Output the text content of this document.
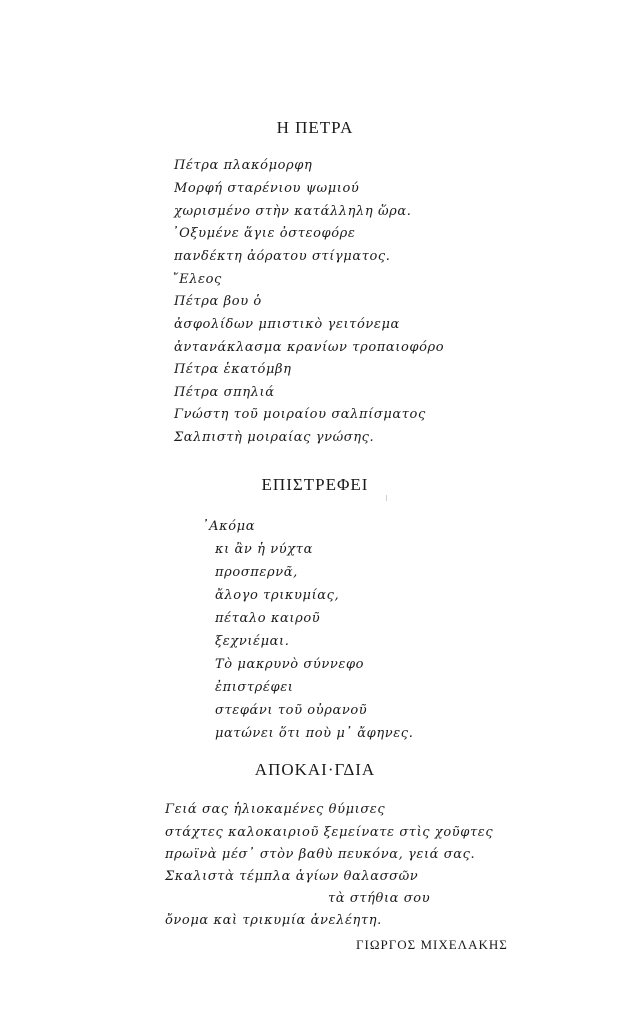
Η ΠΕΤΡΑ
Πέτρα πλακόμορφη
Μορφή σταρένιου ψωμιού
χωρισμένο στὴν κατάλληλη ὥρα.
᾿Οξυμένε ἅγιε ὀστεοφόρε
πανδέκτη ἀόρατου στίγματος.
῎Ελεος
Πέτρα βου ὁ
ἀσφολίδων μπιστικὸ γειτόνεμα
ἀντανάκλασμα κρανίων τροπαιοφόρο
Πέτρα ἑκατόμβη
Πέτρα σπηλιά
Γνώστη τοῦ μοιραίου σαλπίσματος
Σαλπιστὴ μοιραίας γνώσης.
ΕΠΙΣΤΡΕΦΕΙ
᾿Ακόμα
κι ἂν ἡ νύχτα
προσπερνᾶ,
ἄλογο τρικυμίας,
πέταλο καιροῦ
ξεχνιέμαι.
Τὸ μακρυνὸ σύννεφο
ἐπιστρέφει
στεφάνι τοῦ οὐρανοῦ
ματώνει ὅτι ποὺ μ᾿ ἄφηνες.
ΑΠΟΚΑΙ·ΓΔΙΑ
Γειά σας ἡλιοκαμένες θύμισες
στάχτες καλοκαιριοῦ ξεμείνατε στὶς χοῦφτες
πρωϊνὰ μέσ᾿ στὸν βαθὺ πευκόνα, γειά σας.
Σκαλιστὰ τέμπλα ἁγίων θαλασσῶν
τὰ στήθια σου
ὄνομα καὶ τρικυμία ἀνελέητη.
ΓΙΩΡΓΟΣ ΜΙΧΕΛΑΚΗΣ
